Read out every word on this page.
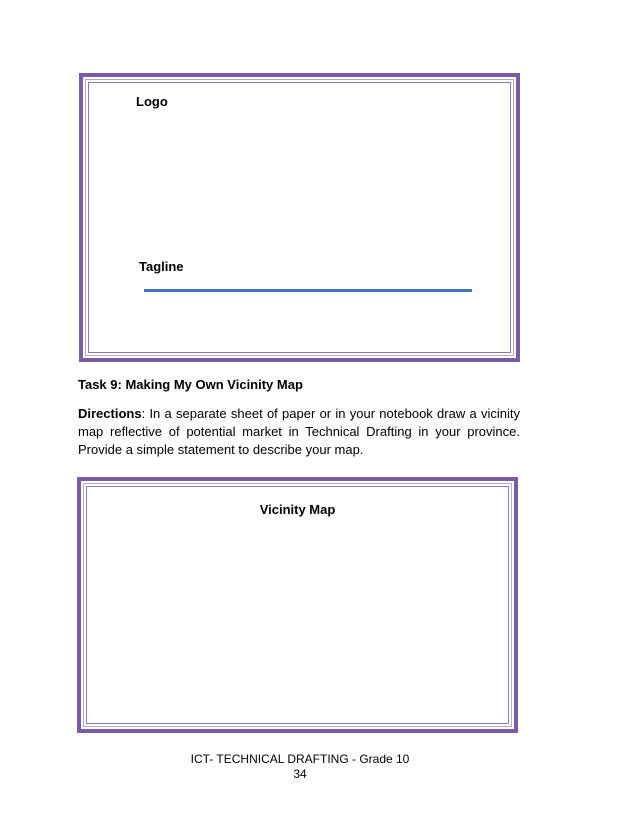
Logo
Tagline
Task 9: Making My Own Vicinity Map
Directions: In a separate sheet of paper or in your notebook draw a vicinity map reflective of potential market in Technical Drafting in your province. Provide a simple statement to describe your map.
Vicinity Map
ICT- TECHNICAL DRAFTING - Grade 10
34
